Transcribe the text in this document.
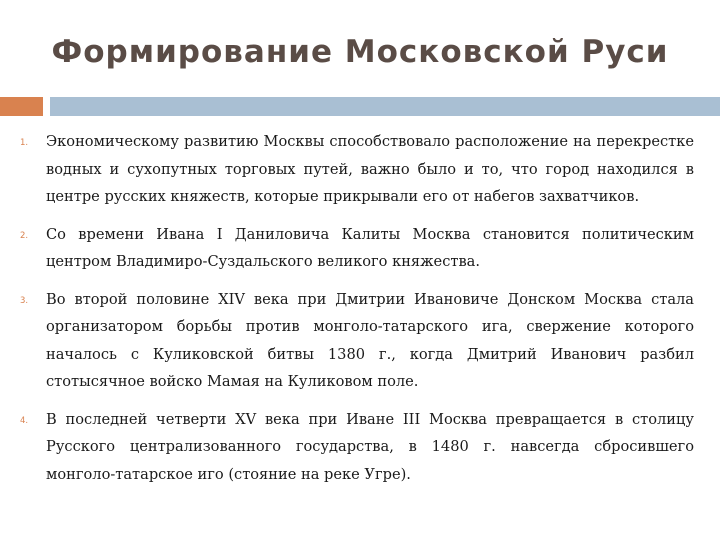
Формирование Московской Руси
1. Экономическому развитию Москвы способствовало расположение на перекрестке водных и сухопутных торговых путей, важно было и то, что город находился в центре русских княжеств, которые прикрывали его от набегов захватчиков.
2. Со времени Ивана I Даниловича Калиты Москва становится политическим центром Владимиро-Суздальского великого княжества.
3. Во второй половине XIV века при Дмитрии Ивановиче Донском Москва стала организатором борьбы против монголо-татарского ига, свержение которого началось с Куликовской битвы 1380 г., когда Дмитрий Иванович разбил стотысячное войско Мамая на Куликовом поле.
4. В последней четверти XV века при Иване III Москва превращается в столицу Русского централизованного государства, в 1480 г. навсегда сбросившего монголо-татарское иго (стояние на реке Угре).
